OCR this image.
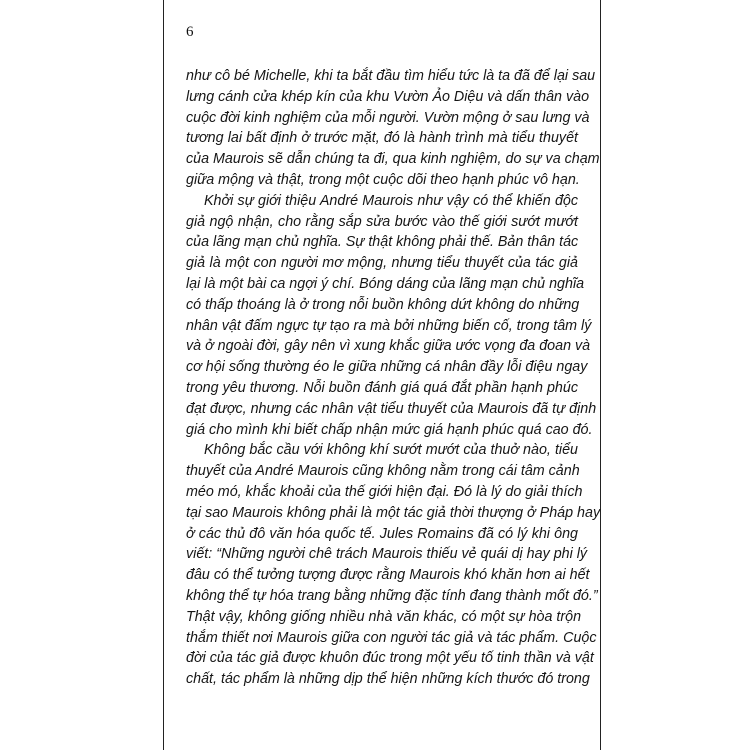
6
như cô bé Michelle, khi ta bắt đầu tìm hiểu tức là ta đã để lại sau
lưng cánh cửa khép kín của khu Vườn Ảo Diệu và dấn thân vào
cuộc đời kinh nghiệm của mỗi người. Vườn mộng ở sau lưng và
tương lai bất định ở trước mặt, đó là hành trình mà tiểu thuyết
của Maurois sẽ dẫn chúng ta đi, qua kinh nghiệm, do sự va chạm
giữa mộng và thật, trong một cuộc dõi theo hạnh phúc vô hạn.
Khởi sự giới thiệu André Maurois như vậy có thể khiến độc
giả ngộ nhận, cho rằng sắp sửa bước vào thế giới sướt mướt
của lãng mạn chủ nghĩa. Sự thật không phải thế. Bản thân tác
giả là một con người mơ mộng, nhưng tiểu thuyết của tác giả
lại là một bài ca ngợi ý chí. Bóng dáng của lãng mạn chủ nghĩa
có thấp thoáng là ở trong nỗi buồn không dứt không do những
nhân vật đấm ngực tự tạo ra mà bởi những biến cố, trong tâm lý
và ở ngoài đời, gây nên vì xung khắc giữa ước vọng đa đoan và
cơ hội sống thường éo le giữa những cá nhân đầy lỗi điệu ngay
trong yêu thương. Nỗi buồn đánh giá quá đắt phần hạnh phúc
đạt được, nhưng các nhân vật tiểu thuyết của Maurois đã tự định
giá cho mình khi biết chấp nhận mức giá hạnh phúc quá cao đó.
Không bắc cầu với không khí sướt mướt của thuở nào, tiểu
thuyết của André Maurois cũng không nằm trong cái tâm cảnh
méo mó, khắc khoải của thế giới hiện đại. Đó là lý do giải thích
tại sao Maurois không phải là một tác giả thời thượng ở Pháp hay
ở các thủ đô văn hóa quốc tế. Jules Romains đã có lý khi ông
viết: “Những người chê trách Maurois thiếu vẻ quái dị hay phi lý
đâu có thể tưởng tượng được rằng Maurois khó khăn hơn ai hết
không thể tự hóa trang bằng những đặc tính đang thành mốt đó.”
Thật vậy, không giống nhiều nhà văn khác, có một sự hòa trộn
thắm thiết nơi Maurois giữa con người tác giả và tác phẩm. Cuộc
đời của tác giả được khuôn đúc trong một yếu tố tinh thần và vật
chất, tác phẩm là những dịp thể hiện những kích thước đó trong
